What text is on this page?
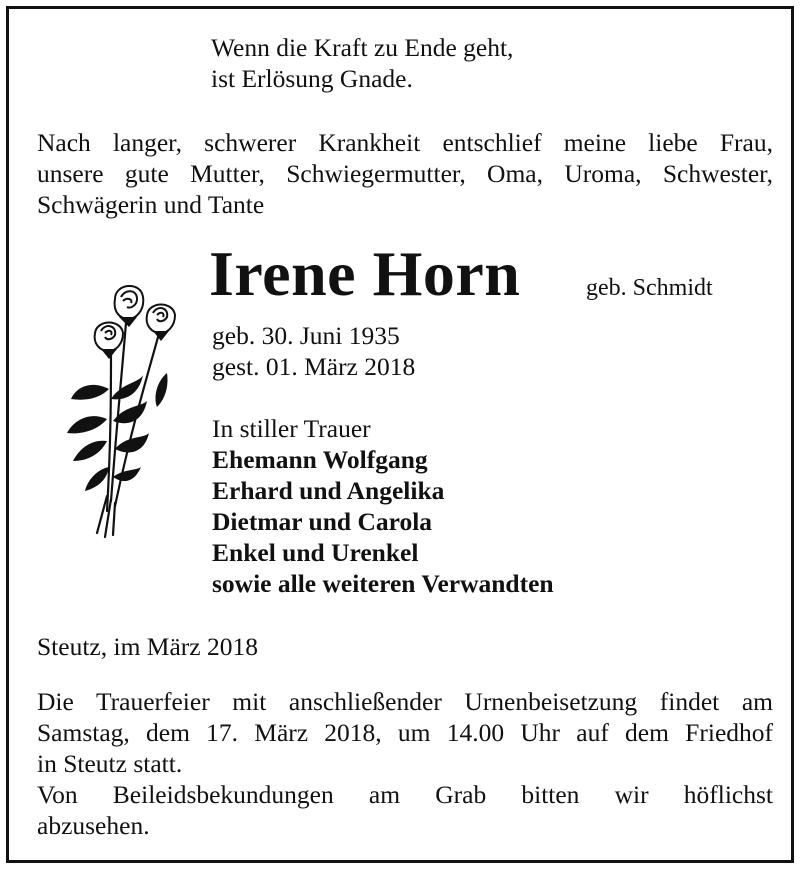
Wenn die Kraft zu Ende geht,
ist Erlösung Gnade.
Nach langer, schwerer Krankheit entschlief meine liebe Frau,
unsere gute Mutter, Schwiegermutter, Oma, Uroma, Schwester,
Schwägerin und Tante
Irene Horn	geb. Schmidt
geb. 30. Juni 1935
gest. 01. März 2018
In stiller Trauer
Ehemann Wolfgang
Erhard und Angelika
Dietmar und Carola
Enkel und Urenkel
sowie alle weiteren Verwandten
Steutz, im März 2018
Die Trauerfeier mit anschließender Urnenbeisetzung findet am
Samstag, dem 17. März 2018, um 14.00 Uhr auf dem Friedhof
in Steutz statt.
Von Beileidsbekundungen am Grab bitten wir höflichst
abzusehen.
